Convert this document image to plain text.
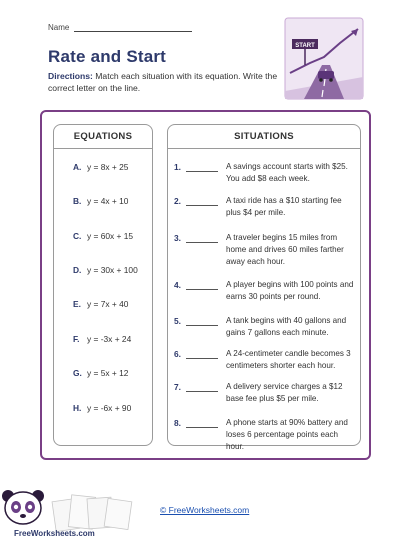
Name
Rate and Start
Directions: Match each situation with its equation. Write the correct letter on the line.
START
EQUATIONS	SITUATIONS
A. y = 8x + 25
B. y = 4x + 10
C. y = 60x + 15
D. y = 30x + 100
E. y = 7x + 40
F. y = -3x + 24
G. y = 5x + 12
H. y = -6x + 90
1.	A savings account starts with $25. You add $8 each week.
2.	A taxi ride has a $10 starting fee plus $4 per mile.
3.	A traveler begins 15 miles from home and drives 60 miles farther away each hour.
4.	A player begins with 100 points and earns 30 points per round.
5.	A tank begins with 40 gallons and gains 7 gallons each minute.
6.	A 24-centimeter candle becomes 3 centimeters shorter each hour.
7.	A delivery service charges a $12 base fee plus $5 per mile.
8.	A phone starts at 90% battery and loses 6 percentage points each hour.
FreeWorksheets.com
© FreeWorksheets.com
